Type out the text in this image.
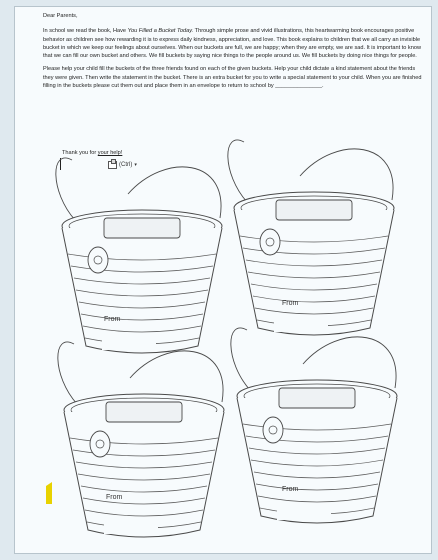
Dear Parents,

In school we read the book, Have You Filled a Bucket Today. Through simple prose and vivid illustrations, this heartwarming book encourages positive behavior as children see how rewarding it is to express daily kindness, appreciation, and love. This book explains to children that we all carry an invisible bucket in which we keep our feelings about ourselves. When our buckets are full, we are happy; when they are empty, we are sad. It is important to know that we can fill our own bucket and others. We fill buckets by saying nice things to the people around us. We fill buckets by doing nice things for people.

Please help your child fill the buckets of the three friends found on each of the given buckets. Help your child dictate a kind statement about the friends they were given. Then write the statement in the bucket. There is an extra bucket for you to write a special statement to your child. When you are finished filling in the buckets please cut them out and place them in an envelope to return to school by _______________.

Thank you for your help!
(Ctrl) ▾
From
From
From
From
